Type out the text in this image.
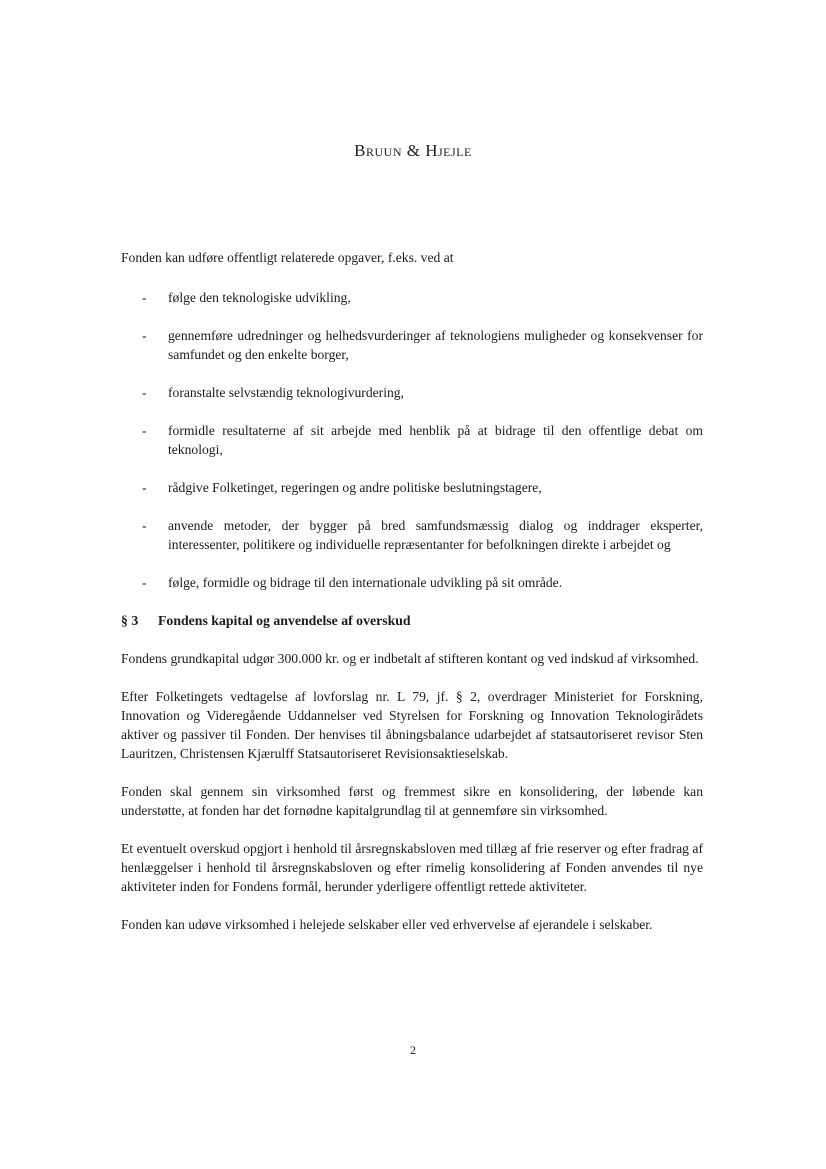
Bruun & Hjejle

Fonden kan udføre offentligt relaterede opgaver, f.eks. ved at

- følge den teknologiske udvikling,
- gennemføre udredninger og helhedsvurderinger af teknologiens muligheder og konsekvenser for samfundet og den enkelte borger,
- foranstalte selvstændig teknologivurdering,
- formidle resultaterne af sit arbejde med henblik på at bidrage til den offentlige debat om teknologi,
- rådgive Folketinget, regeringen og andre politiske beslutningstagere,
- anvende metoder, der bygger på bred samfundsmæssig dialog og inddrager eksperter, interessenter, politikere og individuelle repræsentanter for befolkningen direkte i arbejdet og
- følge, formidle og bidrage til den internationale udvikling på sit område.
§ 3 Fondens kapital og anvendelse af overskud

Fondens grundkapital udgør 300.000 kr. og er indbetalt af stifteren kontant og ved indskud af virksomhed.

Efter Folketingets vedtagelse af lovforslag nr. L 79, jf. § 2, overdrager Ministeriet for Forskning, Innovation og Videregående Uddannelser ved Styrelsen for Forskning og Innovation Teknologirådets aktiver og passiver til Fonden. Der henvises til åbningsbalance udarbejdet af statsautoriseret revisor Sten Lauritzen, Christensen Kjærulff Statsautoriseret Revisionsaktieselskab.

Fonden skal gennem sin virksomhed først og fremmest sikre en konsolidering, der løbende kan understøtte, at fonden har det fornødne kapitalgrundlag til at gennemføre sin virksomhed.

Et eventuelt overskud opgjort i henhold til årsregnskabsloven med tillæg af frie reserver og efter fradrag af henlæggelser i henhold til årsregnskabsloven og efter rimelig konsolidering af Fonden anvendes til nye aktiviteter inden for Fondens formål, herunder yderligere offentligt rettede aktiviteter.

Fonden kan udøve virksomhed i helejede selskaber eller ved erhvervelse af ejerandele i selskaber.

2
